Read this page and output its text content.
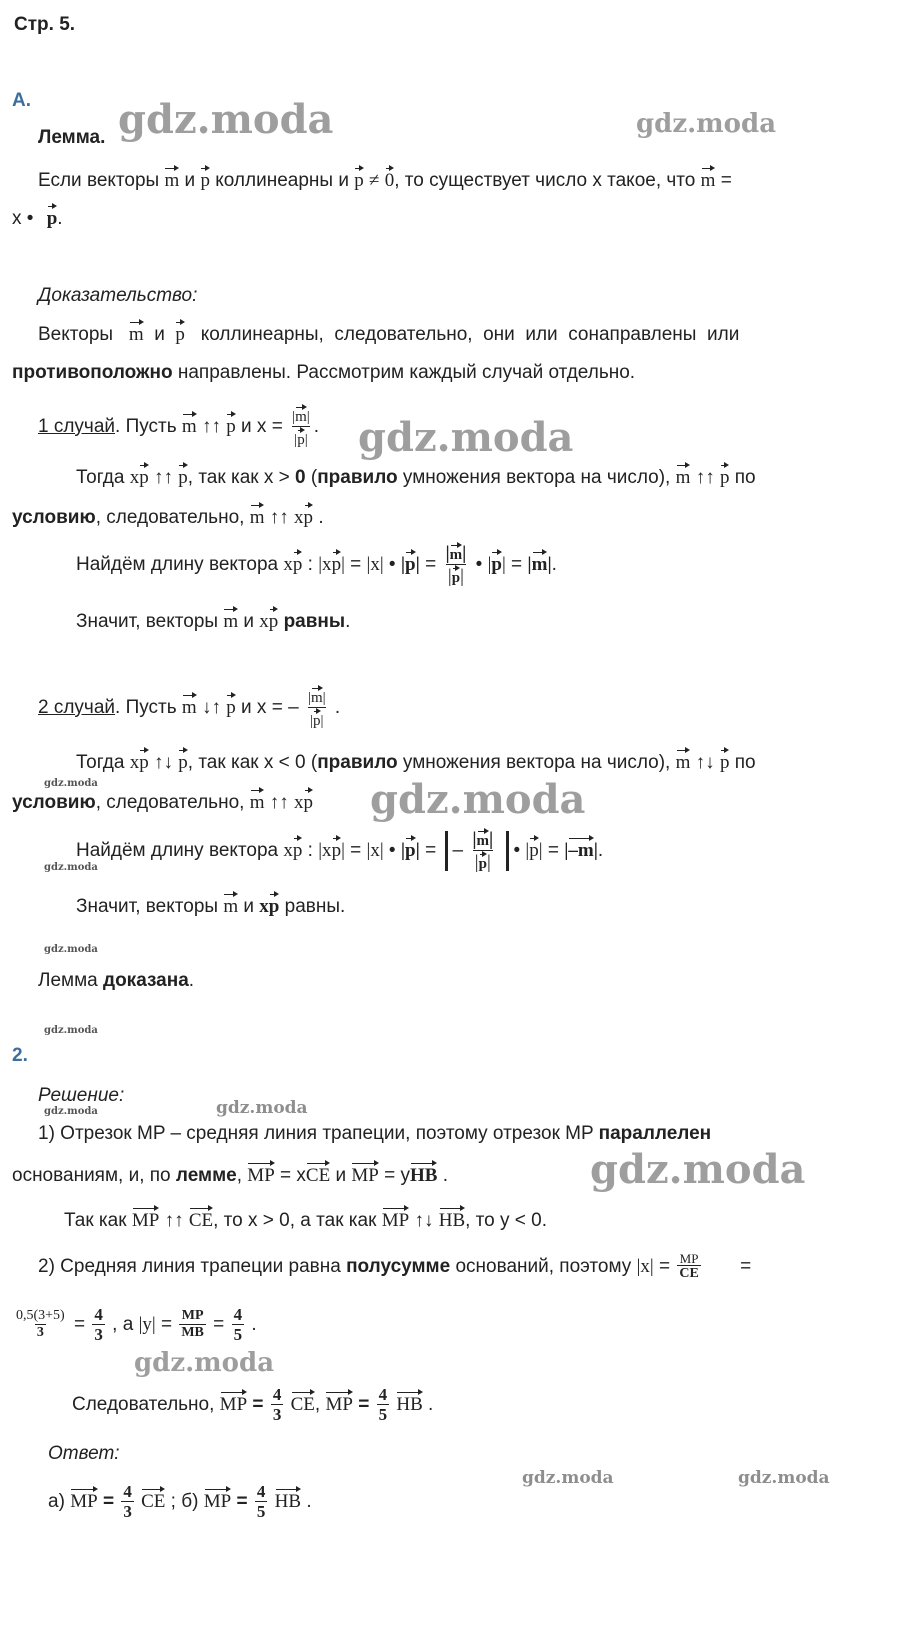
Стр. 5.
A.
Лемма.
Если векторы m и p коллинеарны и p ≠ 0, то существует число x такое, что m =
x • p.
Доказательство:
Векторы   m  и  p   коллинеарны,  следовательно,  они  или  сонаправлены  или
противоположно направлены. Рассмотрим каждый случай отдельно.
1 случай. Пусть m ↑↑ p и $x = \frac{|m|}{|p|}$ .
Тогда xp ↑↑ p, так как x > 0 (правило умножения вектора на число), m ↑↑ p по
условию, следовательно, m ↑↑ xp .
Найдём длину вектора xp : |xp| = |x| • $|p| = \frac{|m|}{|p|}$ • |p| = |m|.
Значит, векторы m и xp равны.
2 случай. Пусть m ↓↑ p и x = – $\frac{|m|}{|p|}$ .
Тогда xp ↑↓ p, так как x < 0 (правило умножения вектора на число), m ↑↓ p по
условию, следовательно, m ↑↑ xp
Найдём длину вектора xp : |xp| = |x| • |p| = – $\frac{|m|}{|p|}$ • |p| = |–m|.
Значит, векторы m и xp равны.
Лемма доказана.
2.
Решение:
1) Отрезок MP – средняя линия трапеции, поэтому отрезок MP параллелен
основаниям, и, по лемме, MP = xCE и MP = yHB .
Так как MP ↑↑ CE, то x > 0, а так как MP ↑↓ HB, то y < 0.
2) Средняя линия трапеции равна полусумме оснований, поэтому $|x| = \frac{MP}{CE}$ =
$\frac{0,5(3+5)}{3} = \frac{4}{3}$ , а $|y| = \frac{MP}{MB} = \frac{4}{5}$ .
Следовательно, MP = $\frac{4}{3}$ CE, MP = $\frac{4}{5}$ HB .
Ответ:
а) MP = $\frac{4}{3}$ CE ; б) MP = $\frac{4}{5}$ HB .
gdz.moda	gdz.moda
gdz.moda
gdz.moda
gdz.moda
gdz.moda
gdz.moda
gdz.moda	gdz.moda
gdz.moda
gdz.moda
gdz.moda
gdz.moda
gdz.moda
